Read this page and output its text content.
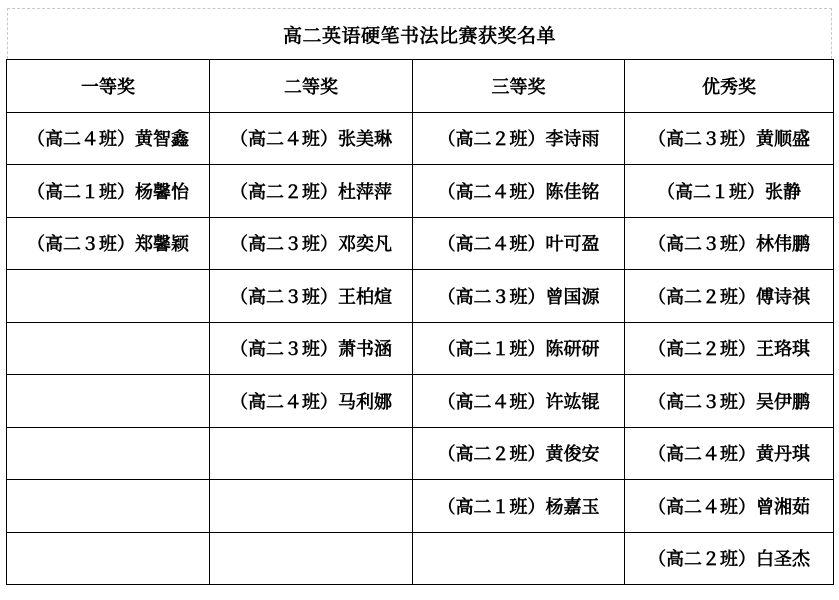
高二英语硬笔书法比赛获奖名单
一等奖	二等奖	三等奖	优秀奖
（高二４班）黄智鑫	（高二４班）张美琳	（高二２班）李诗雨	（高二３班）黄顺盛
（高二１班）杨馨怡	（高二２班）杜萍萍	（高二４班）陈佳铭	（高二１班）张静
（高二３班）郑馨颖	（高二３班）邓奕凡	（高二４班）叶可盈	（高二３班）林伟鹏
	（高二３班）王柏煊	（高二３班）曾国源	（高二２班）傅诗祺
	（高二３班）萧书涵	（高二１班）陈研研	（高二２班）王珞琪
	（高二４班）马利娜	（高二４班）许竑锟	（高二３班）吴伊鹏
		（高二２班）黄俊安	（高二４班）黄丹琪
		（高二１班）杨嘉玉	（高二４班）曾湘茹
			（高二２班）白圣杰
